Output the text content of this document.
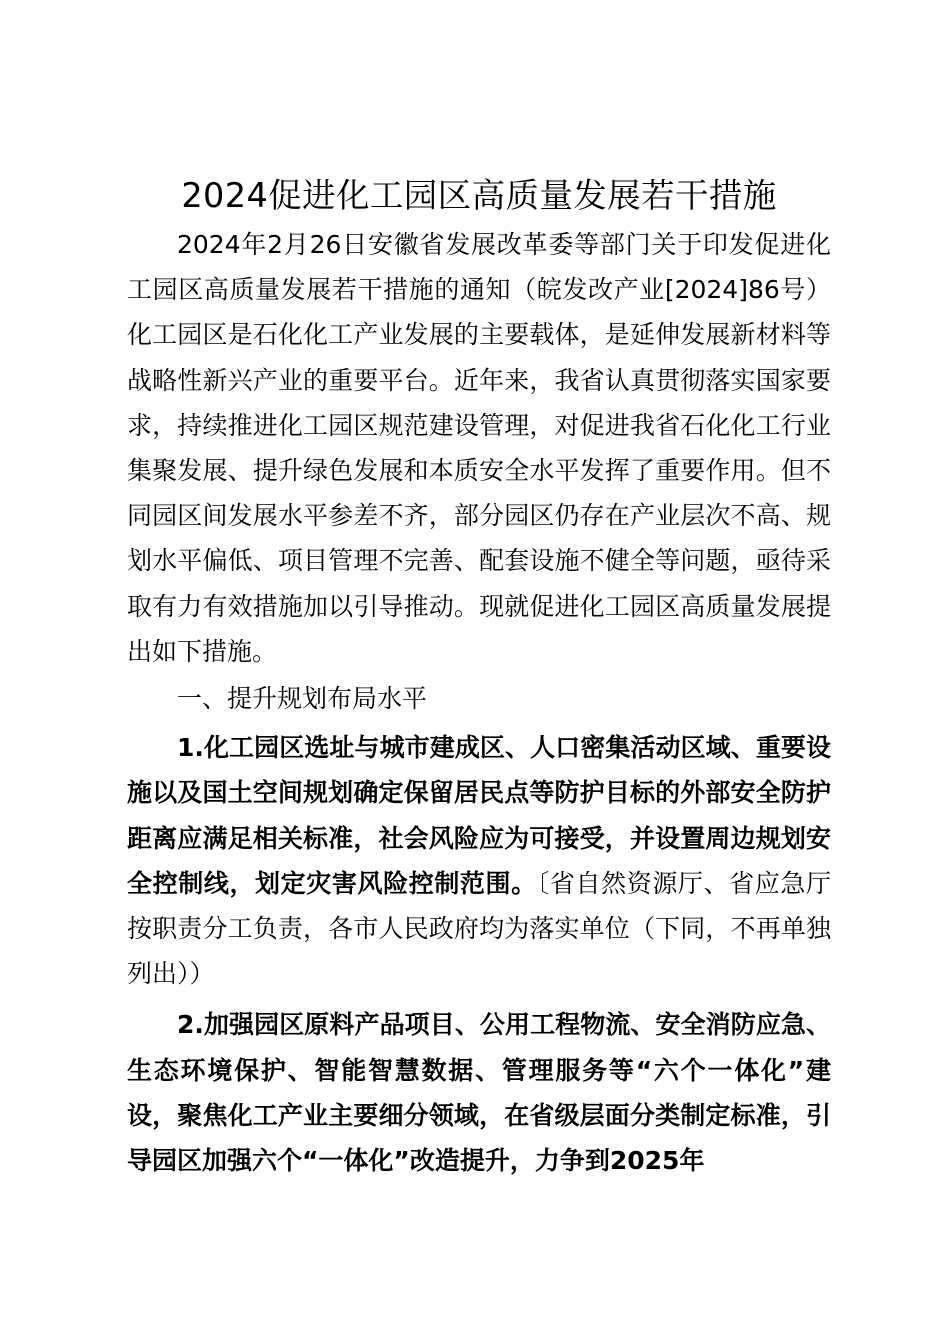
2024促进化工园区高质量发展若干措施

2024年2月26日安徽省发展改革委等部门关于印发促进化工园区高质量发展若干措施的通知（皖发改产业[2024]86号）化工园区是石化化工产业发展的主要载体，是延伸发展新材料等战略性新兴产业的重要平台。近年来，我省认真贯彻落实国家要求，持续推进化工园区规范建设管理，对促进我省石化化工行业集聚发展、提升绿色发展和本质安全水平发挥了重要作用。但不同园区间发展水平参差不齐，部分园区仍存在产业层次不高、规划水平偏低、项目管理不完善、配套设施不健全等问题，亟待采取有力有效措施加以引导推动。现就促进化工园区高质量发展提出如下措施。

一、提升规划布局水平

1.化工园区选址与城市建成区、人口密集活动区域、重要设施以及国土空间规划确定保留居民点等防护目标的外部安全防护距离应满足相关标准，社会风险应为可接受，并设置周边规划安全控制线，划定灾害风险控制范围。〔省自然资源厅、省应急厅按职责分工负责，各市人民政府均为落实单位（下同，不再单独列出））

2.加强园区原料产品项目、公用工程物流、安全消防应急、生态环境保护、智能智慧数据、管理服务等“六个一体化”建设，聚焦化工产业主要细分领域，在省级层面分类制定标准，引导园区加强六个“一体化”改造提升，力争到2025年
